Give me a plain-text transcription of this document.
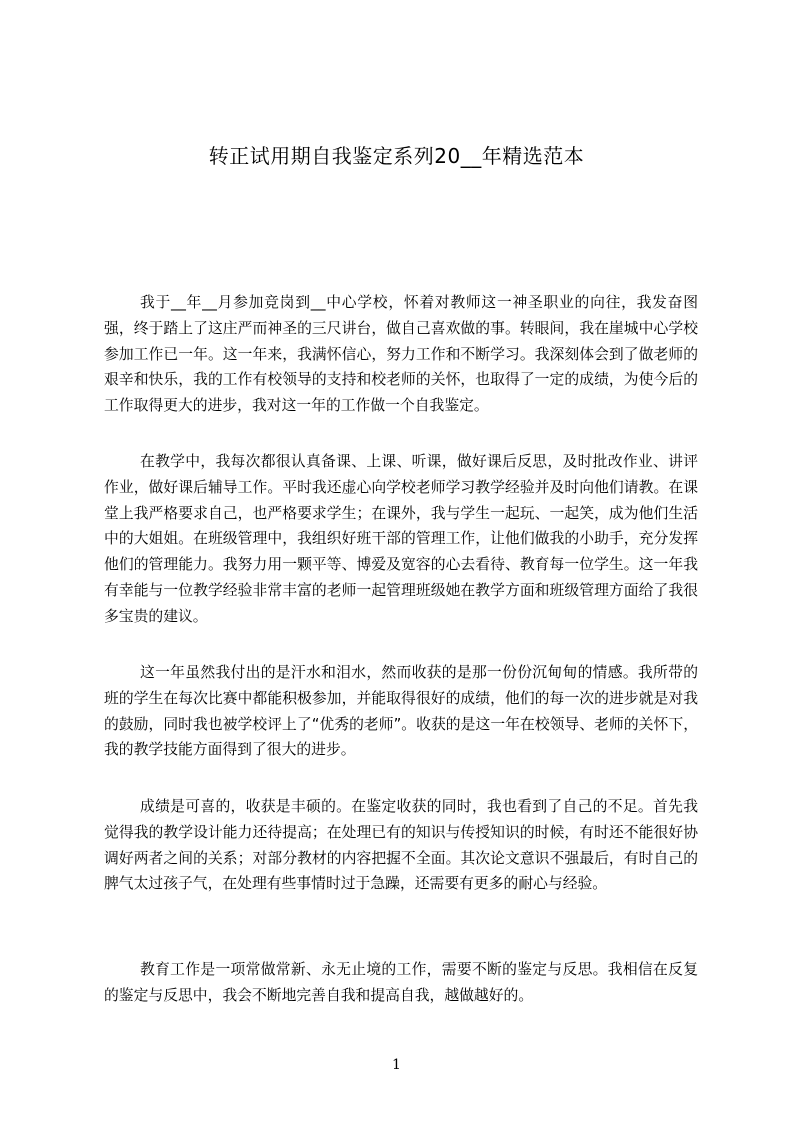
转正试用期自我鉴定系列20__年精选范本
我于__年__月参加竞岗到__中心学校，怀着对教师这一神圣职业的向往，我发奋图强，终于踏上了这庄严而神圣的三尺讲台，做自己喜欢做的事。转眼间，我在崖城中心学校参加工作已一年。这一年来，我满怀信心，努力工作和不断学习。我深刻体会到了做老师的艰辛和快乐，我的工作有校领导的支持和校老师的关怀，也取得了一定的成绩，为使今后的工作取得更大的进步，我对这一年的工作做一个自我鉴定。
在教学中，我每次都很认真备课、上课、听课，做好课后反思，及时批改作业、讲评作业，做好课后辅导工作。平时我还虚心向学校老师学习教学经验并及时向他们请教。在课堂上我严格要求自己，也严格要求学生；在课外，我与学生一起玩、一起笑，成为他们生活中的大姐姐。在班级管理中，我组织好班干部的管理工作，让他们做我的小助手，充分发挥他们的管理能力。我努力用一颗平等、博爱及宽容的心去看待、教育每一位学生。这一年我有幸能与一位教学经验非常丰富的老师一起管理班级她在教学方面和班级管理方面给了我很多宝贵的建议。
这一年虽然我付出的是汗水和泪水，然而收获的是那一份份沉甸甸的情感。我所带的班的学生在每次比赛中都能积极参加，并能取得很好的成绩，他们的每一次的进步就是对我的鼓励，同时我也被学校评上了“优秀的老师”。收获的是这一年在校领导、老师的关怀下，我的教学技能方面得到了很大的进步。
成绩是可喜的，收获是丰硕的。在鉴定收获的同时，我也看到了自己的不足。首先我觉得我的教学设计能力还待提高；在处理已有的知识与传授知识的时候，有时还不能很好协调好两者之间的关系；对部分教材的内容把握不全面。其次论文意识不强最后，有时自己的脾气太过孩子气，在处理有些事情时过于急躁，还需要有更多的耐心与经验。
教育工作是一项常做常新、永无止境的工作，需要不断的鉴定与反思。我相信在反复的鉴定与反思中，我会不断地完善自我和提高自我，越做越好的。
1
